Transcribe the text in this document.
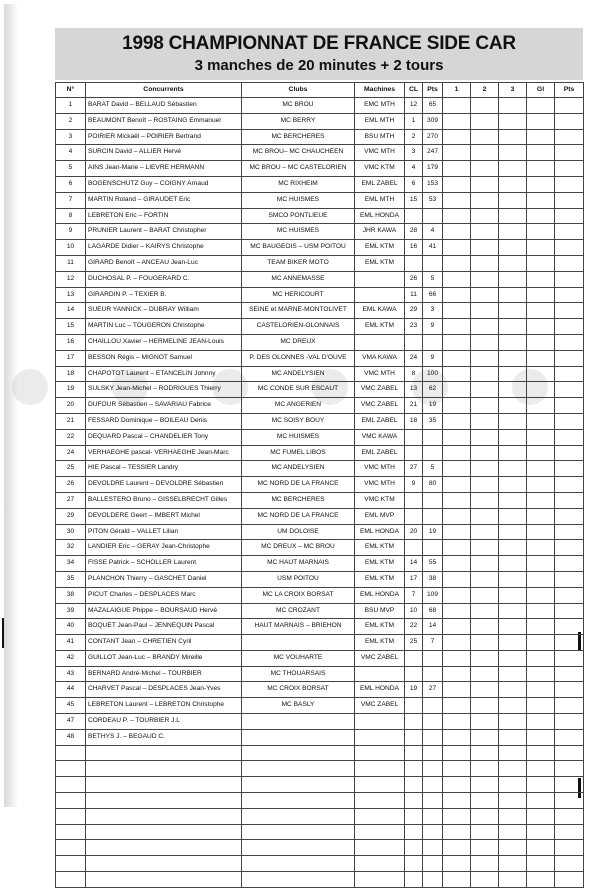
1998 CHAMPIONNAT DE FRANCE SIDE CAR
3 manches de 20 minutes + 2 tours
N°	Concurrents	Clubs	Machines	CL	Pts	1	2	3	Gl	Pts
1	BARAT David – BELLAUD Sébastien	MC BROU	EMC MTH	12	65					
2	BEAUMONT Benoît – ROSTAING Emmanuel	MC BERRY	EML MTH	1	309					
3	POIRIER Mickaël – POIRIER Bertrand	MC BERCHERES	BSU MTH	2	270					
4	SURCIN David – ALLIER Hervé	MC BROU– MC CHAUCHEEN	VMC MTH	3	247					
5	AINS Jean-Marie – LIEVRE HERMANN	MC BROU – MC CASTELORIEN	VMC KTM	4	179					
6	BOGENSCHUTZ Guy – COIGNY Arnaud	MC RIXHEIM	EML ZABEL	6	153					
7	MARTIN Roland – GIRAUDET Eric	MC HUISMES	EML MTH	15	53					
8	LEBRETON Eric – FORTIN	SMCO PONTLIEUE	EML HONDA							
9	PRUNIER Laurent – BARAT Christopher	MC HUISMES	JHR KAWA	28	4					
10	LAGARDE Didier – KAIRYS Christophe	MC BAUGEOIS – USM POITOU	EML KTM	16	41					
11	GIRARD Benoît – ANCEAU Jean-Luc	TEAM BIKER MOTO	EML KTM							
12	DUCHOSAL P. – FOUGERARD C.	MC ANNEMASSE		26	5					
13	GIRARDIN P. – TEXIER B.	MC HERICOURT		11	66					
14	SUEUR YANNICK – DUBRAY William	SEINE et MARNE-MONTOLIVET	EML KAWA	29	3					
15	MARTIN Luc – TOUGERON Christophe	CASTELORIEN-OLONNAIS	EML KTM	23	9					
16	CHAILLOU Xavier – HERMELINE JEAN-Louis	MC DREUX								
17	BESSON Régis – MIGNOT Samuel	P. DES OLONNES -VAL D'OUVE	VMA KAWA	24	9					
18	CHAPOTOT Laurent – ETANCELIN Johnny	MC ANDELYSIEN	VMC MTH	8	100					
19	SULSKY Jean-Michel – RODRIGUES Thierry	MC CONDE SUR ESCAUT	VMC ZABEL	13	62					
20	DUFOUR Sébastien – SAVARIAU Fabrice	MC ANGERIEN	VMC ZABEL	21	19					
21	FESSARD Dominique – BOILEAU Denis	MC SOISY BOUY	EML ZABEL	18	35					
22	DEQUARD Pascal – CHANDELIER Tony	MC HUISMES	VMC KAWA							
24	VERHAEGHE pascal- VERHAEGHE Jean-Marc	MC FUMEL LIBOS	EML ZABEL							
25	HIE Pascal – TESSIER Landry	MC ANDELYSIEN	VMC MTH	27	5					
26	DEVOLDRE Laurent – DEVOLDRE Sébastien	MC NORD DE LA FRANCE	VMC MTH	9	80					
27	BALLESTERO Bruno – GISSELBRECHT Gilles	MC BERCHERES	VMC KTM							
29	DEVOLDERE Geert – IMBERT Michel	MC NORD DE LA FRANCE	EML MVP							
30	PITON Gérald – VALLET Lilian	UM DOLOISE	EML HONDA	20	19					
32	LANDIER Eric – GERAY Jean-Christophe	MC DREUX – MC BROU	EML KTM							
34	FISSE Patrick – SCHOLLER Laurent	MC HAUT MARNAIS	EML KTM	14	55					
35	PLANCHON Thierry – GASCHET Daniel	USM POITOU	EML KTM	17	38					
38	PICUT Charles – DESPLACES Marc	MC LA CROIX BORSAT	EML HONDA	7	109					
39	MAZALAIGUE Phippe – BOURSAUD Hervé	MC CROZANT	BSU MVP	10	68					
40	BOQUET Jean-Paul – JENNEQUIN Pascal	HAUT MARNAIS – BRIEHON	EML KTM	22	14					
41	CONTANT Jean – CHRETIEN Cyril		EML KTM	25	7					
42	GUILLOT Jean-Luc – BRANDY Mireille	MC VOUHARTE	VMC ZABEL							
43	BERNARD André-Michel – TOURBIER	MC THOUARSAIS								
44	CHARVET Pascal – DESPLACES Jean-Yves	MC CROIX BORSAT	EML HONDA	19	27					
45	LEBRETON Laurent – LEBRETON Christophe	MC BASLY	VMC ZABEL							
47	CORDEAU P. – TOURBIER J.L									
48	BETHYS J. – BEGAUD C.									
